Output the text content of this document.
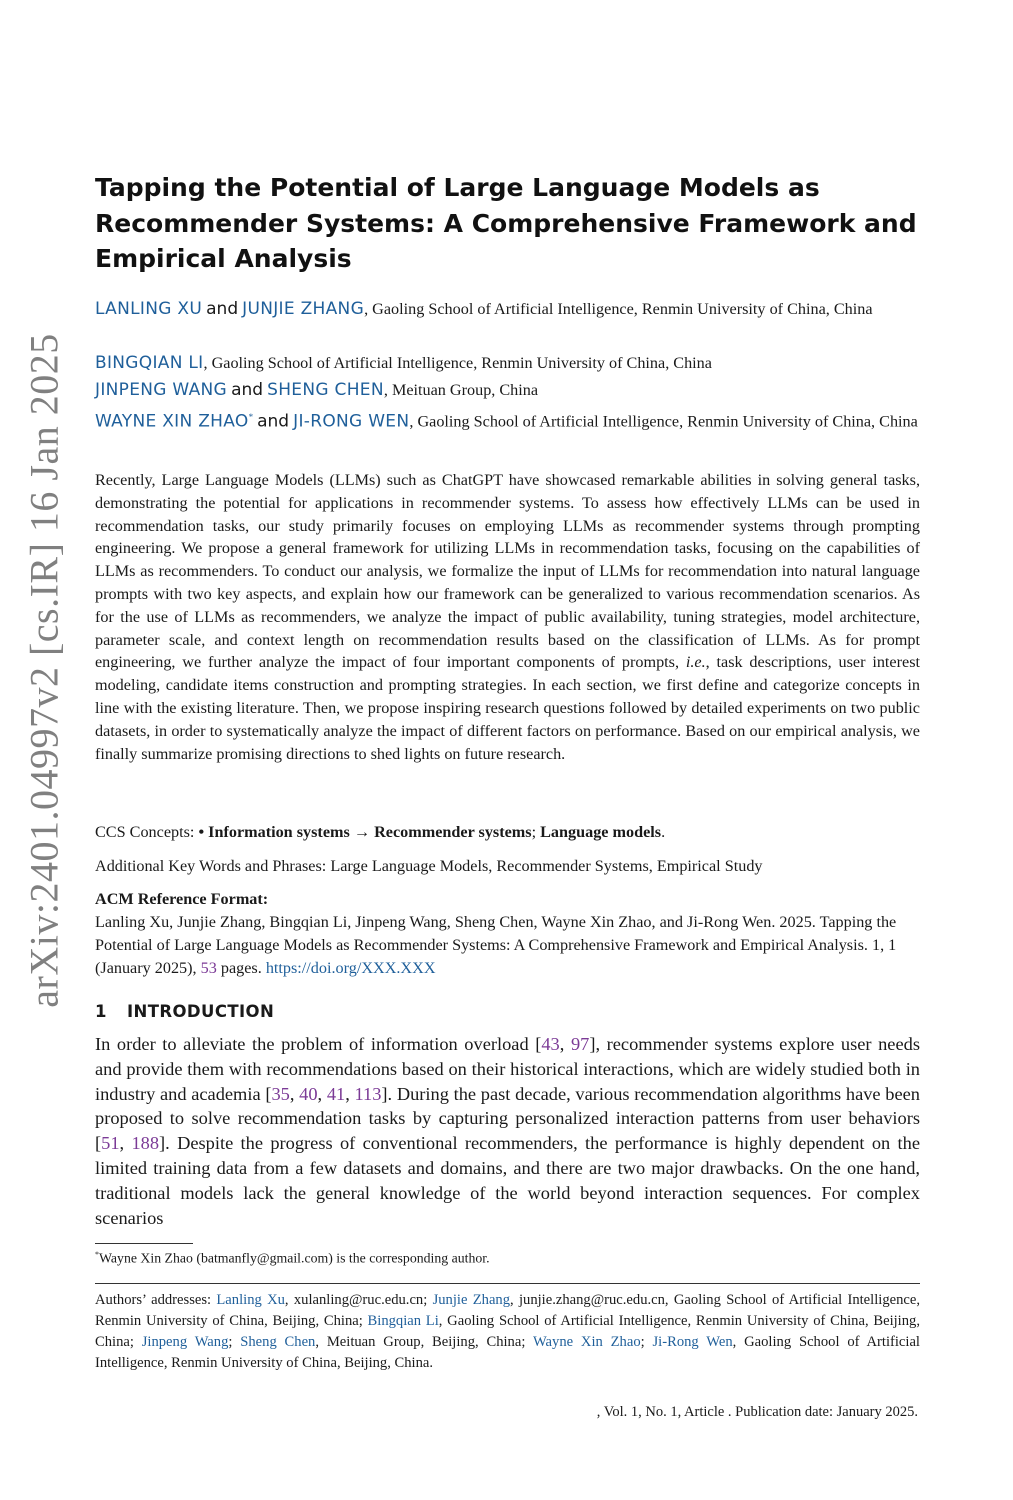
arXiv:2401.04997v2 [cs.IR] 16 Jan 2025
Tapping the Potential of Large Language Models as Recommender Systems: A Comprehensive Framework and Empirical Analysis
LANLING XU and JUNJIE ZHANG, Gaoling School of Artificial Intelligence, Renmin University of China, China
BINGQIAN LI, Gaoling School of Artificial Intelligence, Renmin University of China, China
JINPENG WANG and SHENG CHEN, Meituan Group, China
WAYNE XIN ZHAO* and JI-RONG WEN, Gaoling School of Artificial Intelligence, Renmin University of China, China

Recently, Large Language Models (LLMs) such as ChatGPT have showcased remarkable abilities in solving general tasks, demonstrating the potential for applications in recommender systems. To assess how effectively LLMs can be used in recommendation tasks, our study primarily focuses on employing LLMs as recommender systems through prompting engineering. We propose a general framework for utilizing LLMs in recommendation tasks, focusing on the capabilities of LLMs as recommenders. To conduct our analysis, we formalize the input of LLMs for recommendation into natural language prompts with two key aspects, and explain how our framework can be generalized to various recommendation scenarios. As for the use of LLMs as recommenders, we analyze the impact of public availability, tuning strategies, model architecture, parameter scale, and context length on recommendation results based on the classification of LLMs. As for prompt engineering, we further analyze the impact of four important components of prompts, i.e., task descriptions, user interest modeling, candidate items construction and prompting strategies. In each section, we first define and categorize concepts in line with the existing literature. Then, we propose inspiring research questions followed by detailed experiments on two public datasets, in order to systematically analyze the impact of different factors on performance. Based on our empirical analysis, we finally summarize promising directions to shed lights on future research.

CCS Concepts: • Information systems → Recommender systems; Language models.
Additional Key Words and Phrases: Large Language Models, Recommender Systems, Empirical Study
ACM Reference Format:
Lanling Xu, Junjie Zhang, Bingqian Li, Jinpeng Wang, Sheng Chen, Wayne Xin Zhao, and Ji-Rong Wen. 2025. Tapping the Potential of Large Language Models as Recommender Systems: A Comprehensive Framework and Empirical Analysis. 1, 1 (January 2025), 53 pages. https://doi.org/XXX.XXX
1 INTRODUCTION

In order to alleviate the problem of information overload [43, 97], recommender systems explore user needs and provide them with recommendations based on their historical interactions, which are widely studied both in industry and academia [35, 40, 41, 113]. During the past decade, various recommendation algorithms have been proposed to solve recommendation tasks by capturing personalized interaction patterns from user behaviors [51, 188]. Despite the progress of conventional recommenders, the performance is highly dependent on the limited training data from a few datasets and domains, and there are two major drawbacks. On the one hand, traditional models lack the general knowledge of the world beyond interaction sequences. For complex scenarios

*Wayne Xin Zhao (batmanfly@gmail.com) is the corresponding author.
Authors’ addresses: Lanling Xu, xulanling@ruc.edu.cn; Junjie Zhang, junjie.zhang@ruc.edu.cn, Gaoling School of Artificial Intelligence, Renmin University of China, Beijing, China; Bingqian Li, Gaoling School of Artificial Intelligence, Renmin University of China, Beijing, China; Jinpeng Wang; Sheng Chen, Meituan Group, Beijing, China; Wayne Xin Zhao; Ji-Rong Wen, Gaoling School of Artificial Intelligence, Renmin University of China, Beijing, China.
, Vol. 1, No. 1, Article . Publication date: January 2025.
